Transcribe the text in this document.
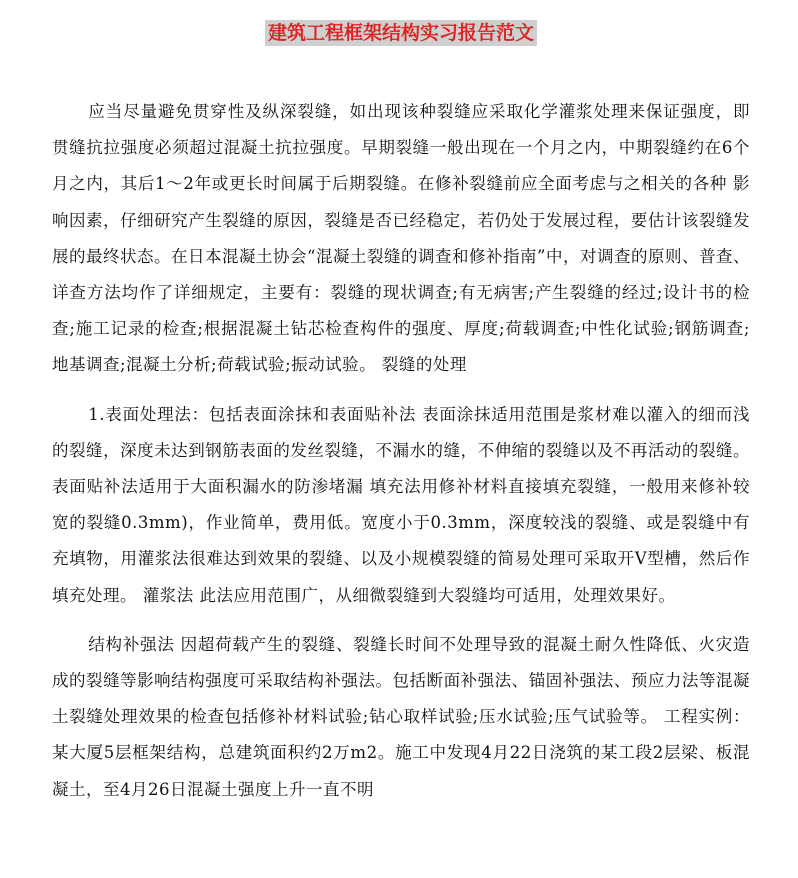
建筑工程框架结构实习报告范文

应当尽量避免贯穿性及纵深裂缝，如出现该种裂缝应采取化学灌浆处理来保证强度，即贯缝抗拉强度必须超过混凝土抗拉强度。早期裂缝一般出现在一个月之内，中期裂缝约在6个月之内，其后1～2年或更长时间属于后期裂缝。在修补裂缝前应全面考虑与之相关的各种 影响因素，仔细研究产生裂缝的原因，裂缝是否已经稳定，若仍处于发展过程，要估计该裂缝发展的最终状态。在日本混凝土协会“混凝土裂缝的调查和修补指南”中，对调查的原则、普查、详查方法均作了详细规定，主要有：裂缝的现状调查;有无病害;产生裂缝的经过;设计书的检查;施工记录的检查;根据混凝土钻芯检查构件的强度、厚度;荷载调查;中性化试验;钢筋调查;地基调查;混凝土分析;荷载试验;振动试验。 裂缝的处理

1.表面处理法：包括表面涂抹和表面贴补法 表面涂抹适用范围是浆材难以灌入的细而浅的裂缝，深度未达到钢筋表面的发丝裂缝，不漏水的缝，不伸缩的裂缝以及不再活动的裂缝。表面贴补法适用于大面积漏水的防渗堵漏 填充法用修补材料直接填充裂缝，一般用来修补较宽的裂缝0.3mm)，作业简单，费用低。宽度小于0.3mm，深度较浅的裂缝、或是裂缝中有充填物，用灌浆法很难达到效果的裂缝、以及小规模裂缝的简易处理可采取开V型槽，然后作填充处理。 灌浆法 此法应用范围广，从细微裂缝到大裂缝均可适用，处理效果好。

结构补强法 因超荷载产生的裂缝、裂缝长时间不处理导致的混凝土耐久性降低、火灾造成的裂缝等影响结构强度可采取结构补强法。包括断面补强法、锚固补强法、预应力法等混凝土裂缝处理效果的检查包括修补材料试验;钻心取样试验;压水试验;压气试验等。 工程实例：某大厦5层框架结构，总建筑面积约2万m2。施工中发现4月22日浇筑的某工段2层梁、板混凝土，至4月26日混凝土强度上升一直不明
